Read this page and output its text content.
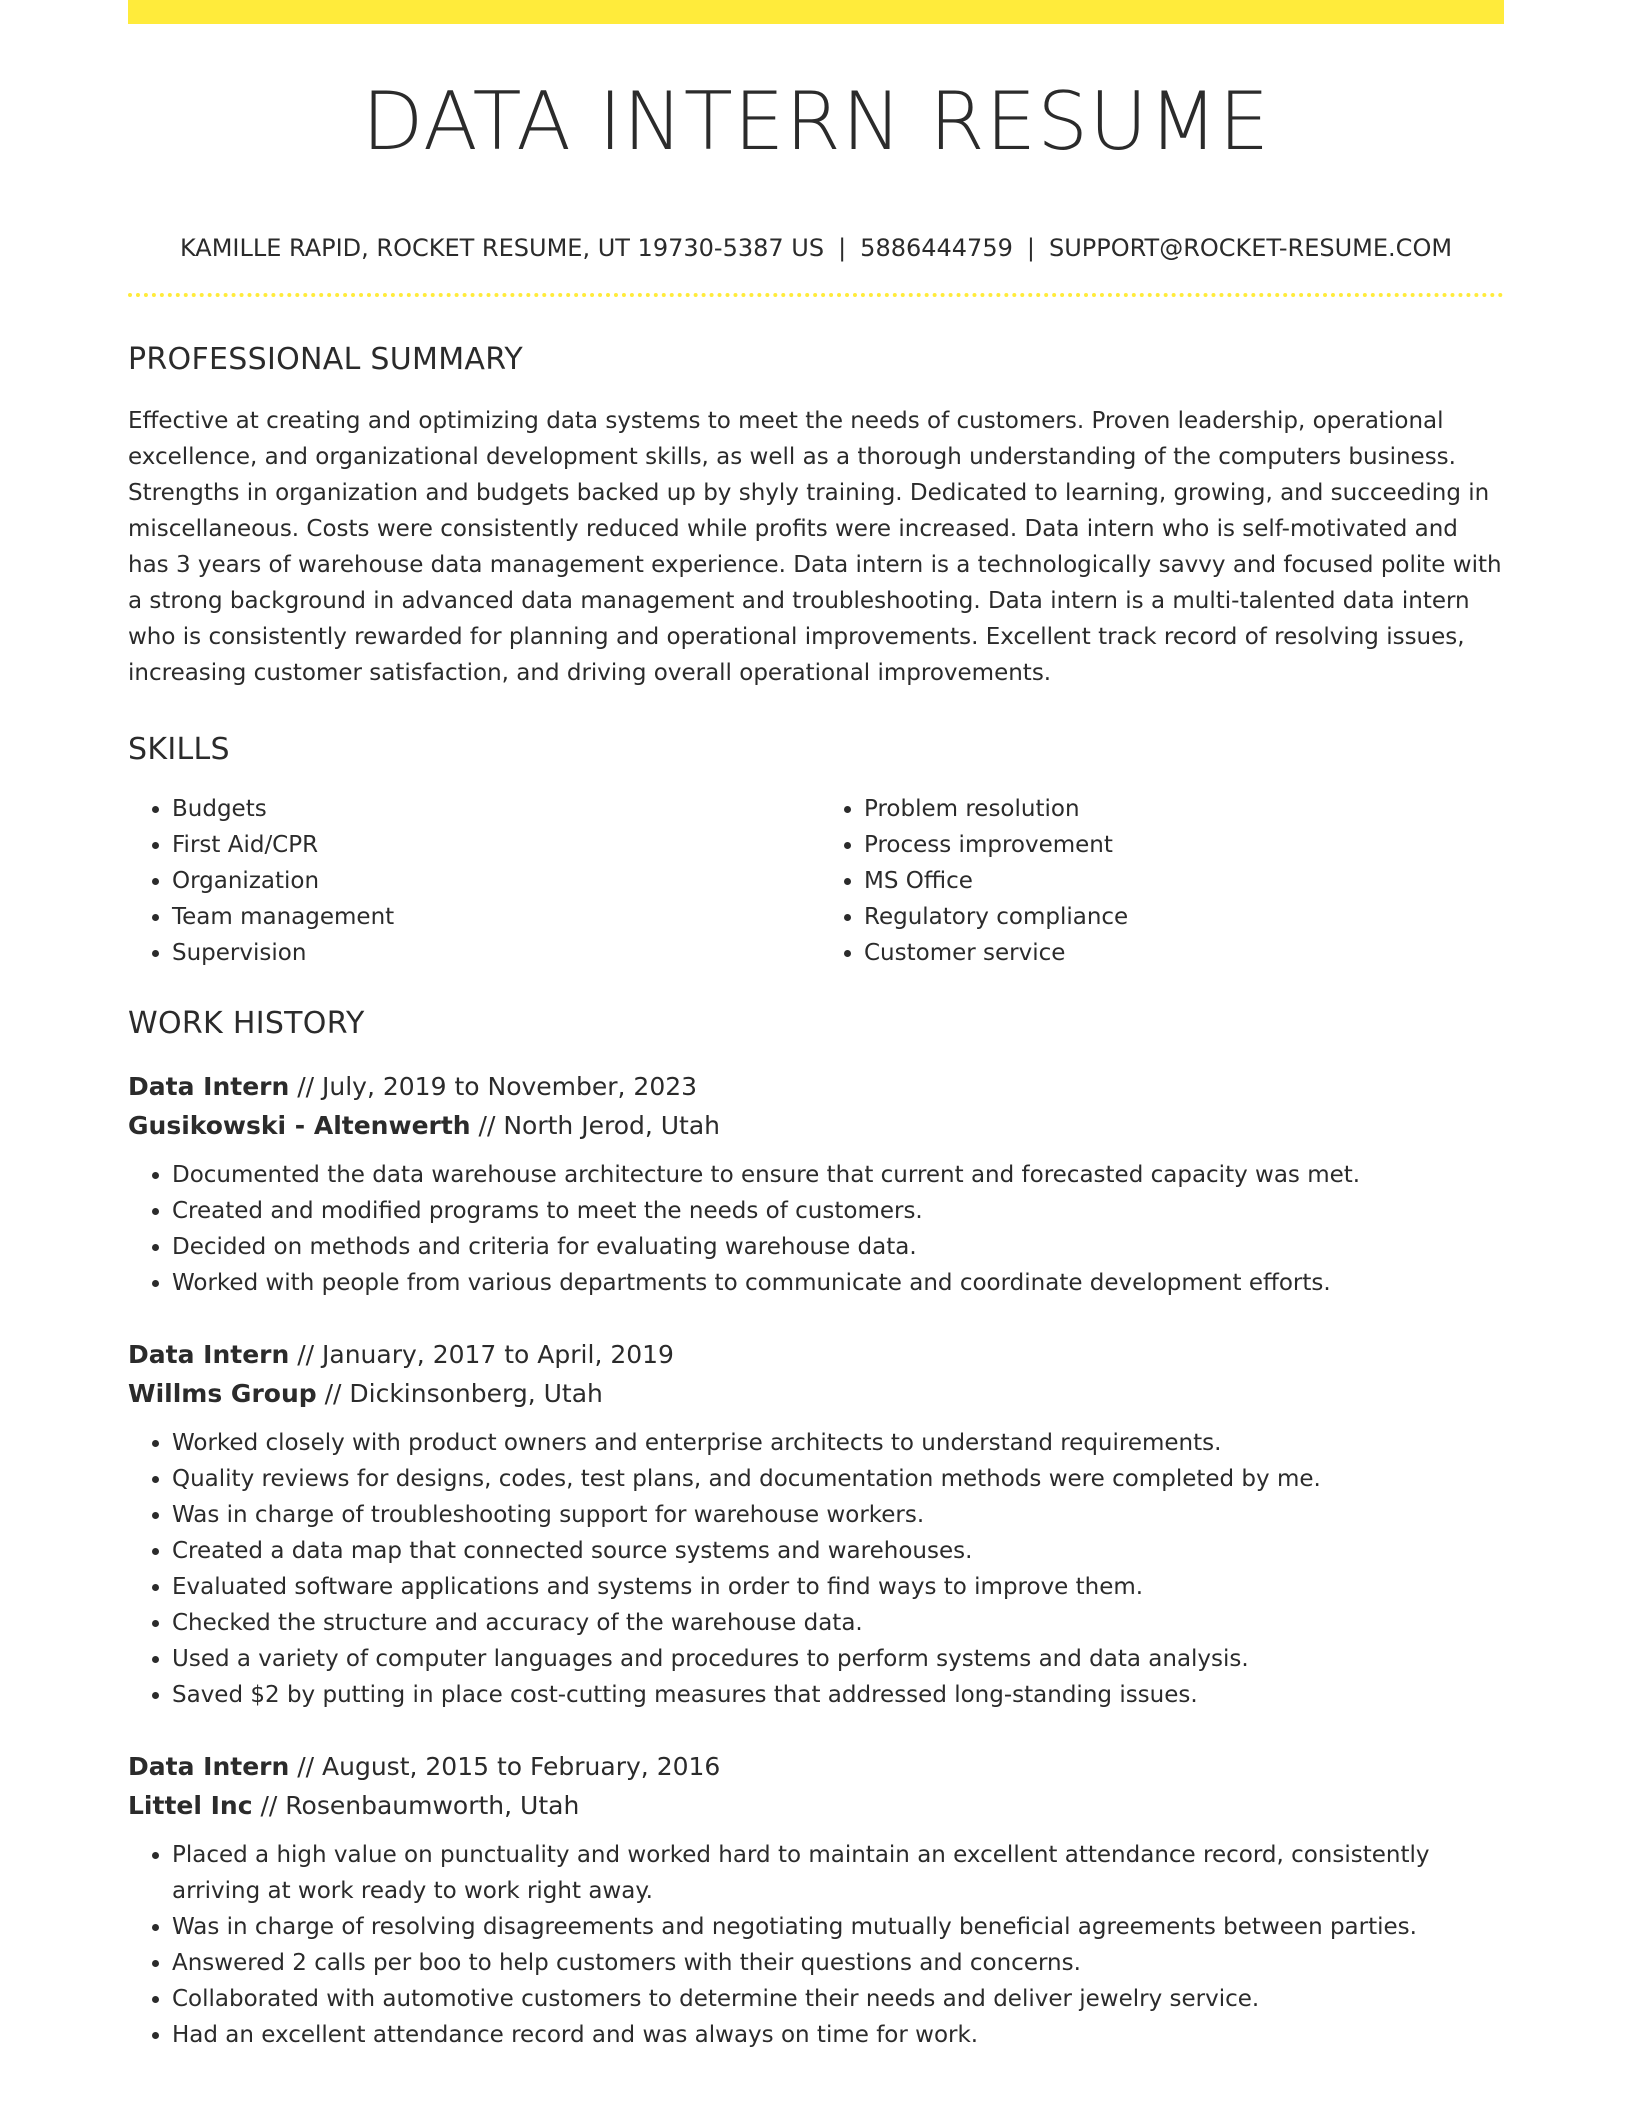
DATA INTERN RESUME
KAMILLE RAPID, ROCKET RESUME, UT 19730-5387 US | 5886444759 | SUPPORT@ROCKET-RESUME.COM
PROFESSIONAL SUMMARY

Effective at creating and optimizing data systems to meet the needs of customers. Proven leadership, operational excellence, and organizational development skills, as well as a thorough understanding of the computers business. Strengths in organization and budgets backed up by shyly training. Dedicated to learning, growing, and succeeding in miscellaneous. Costs were consistently reduced while profits were increased. Data intern who is self-motivated and has 3 years of warehouse data management experience. Data intern is a technologically savvy and focused polite with a strong background in advanced data management and troubleshooting. Data intern is a multi-talented data intern who is consistently rewarded for planning and operational improvements. Excellent track record of resolving issues, increasing customer satisfaction, and driving overall operational improvements.

SKILLS
• Budgets
• First Aid/CPR
• Organization
• Team management
• Supervision
• Problem resolution
• Process improvement
• MS Office
• Regulatory compliance
• Customer service
WORK HISTORY
Data Intern // July, 2019 to November, 2023
Gusikowski - Altenwerth // North Jerod, Utah
• Documented the data warehouse architecture to ensure that current and forecasted capacity was met.
• Created and modified programs to meet the needs of customers.
• Decided on methods and criteria for evaluating warehouse data.
• Worked with people from various departments to communicate and coordinate development efforts.
Data Intern // January, 2017 to April, 2019
Willms Group // Dickinsonberg, Utah
• Worked closely with product owners and enterprise architects to understand requirements.
• Quality reviews for designs, codes, test plans, and documentation methods were completed by me.
• Was in charge of troubleshooting support for warehouse workers.
• Created a data map that connected source systems and warehouses.
• Evaluated software applications and systems in order to find ways to improve them.
• Checked the structure and accuracy of the warehouse data.
• Used a variety of computer languages and procedures to perform systems and data analysis.
• Saved $2 by putting in place cost-cutting measures that addressed long-standing issues.
Data Intern // August, 2015 to February, 2016
Littel Inc // Rosenbaumworth, Utah
• Placed a high value on punctuality and worked hard to maintain an excellent attendance record, consistently arriving at work ready to work right away.
• Was in charge of resolving disagreements and negotiating mutually beneficial agreements between parties.
• Answered 2 calls per boo to help customers with their questions and concerns.
• Collaborated with automotive customers to determine their needs and deliver jewelry service.
• Had an excellent attendance record and was always on time for work.
